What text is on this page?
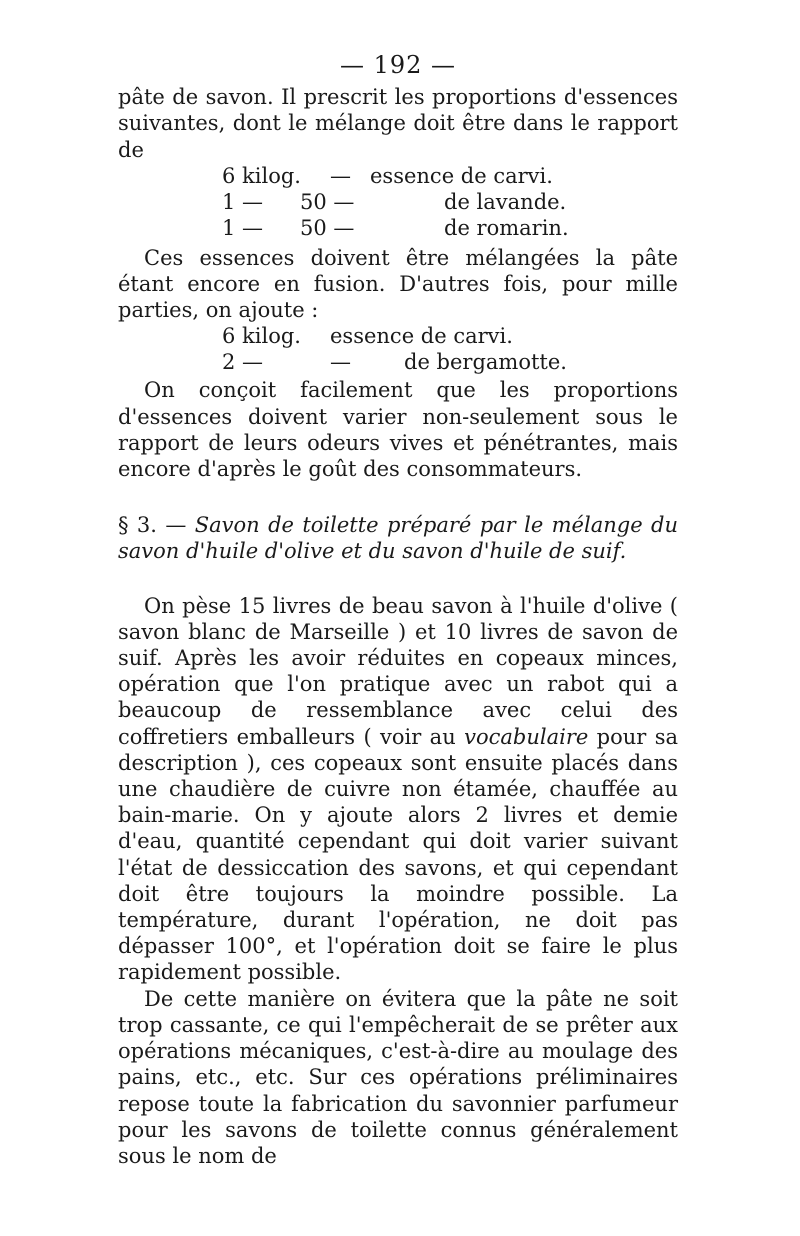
— 192 —

pâte de savon. Il prescrit les proportions d'essences suivantes, dont le mélange doit être dans le rapport de

6 kilog. — essence de carvi.
1 — 50 —	de lavande.
1 — 50 —	de romarin.

Ces essences doivent être mélangées la pâte étant encore en fusion. D'autres fois, pour mille parties, on ajoute :

6 kilog. essence de carvi.
2 —	—	de bergamotte.

On conçoit facilement que les proportions d'essences doivent varier non-seulement sous le rapport de leurs odeurs vives et pénétrantes, mais encore d'après le goût des consommateurs.

§ 3. — Savon de toilette préparé par le mélange du savon d'huile d'olive et du savon d'huile de suif.

On pèse 15 livres de beau savon à l'huile d'olive ( savon blanc de Marseille ) et 10 livres de savon de suif. Après les avoir réduites en copeaux minces, opération que l'on pratique avec un rabot qui a beaucoup de ressemblance avec celui des coffretiers emballeurs ( voir au vocabulaire pour sa description ), ces copeaux sont ensuite placés dans une chaudière de cuivre non étamée, chauffée au bain-marie. On y ajoute alors 2 livres et demie d'eau, quantité cependant qui doit varier suivant l'état de dessiccation des savons, et qui cependant doit être toujours la moindre possible. La température, durant l'opération, ne doit pas dépasser 100°, et l'opération doit se faire le plus rapidement possible.

De cette manière on évitera que la pâte ne soit trop cassante, ce qui l'empêcherait de se prêter aux opérations mécaniques, c'est-à-dire au moulage des pains, etc., etc. Sur ces opérations préliminaires repose toute la fabrication du savonnier parfumeur pour les savons de toilette connus généralement sous le nom de
